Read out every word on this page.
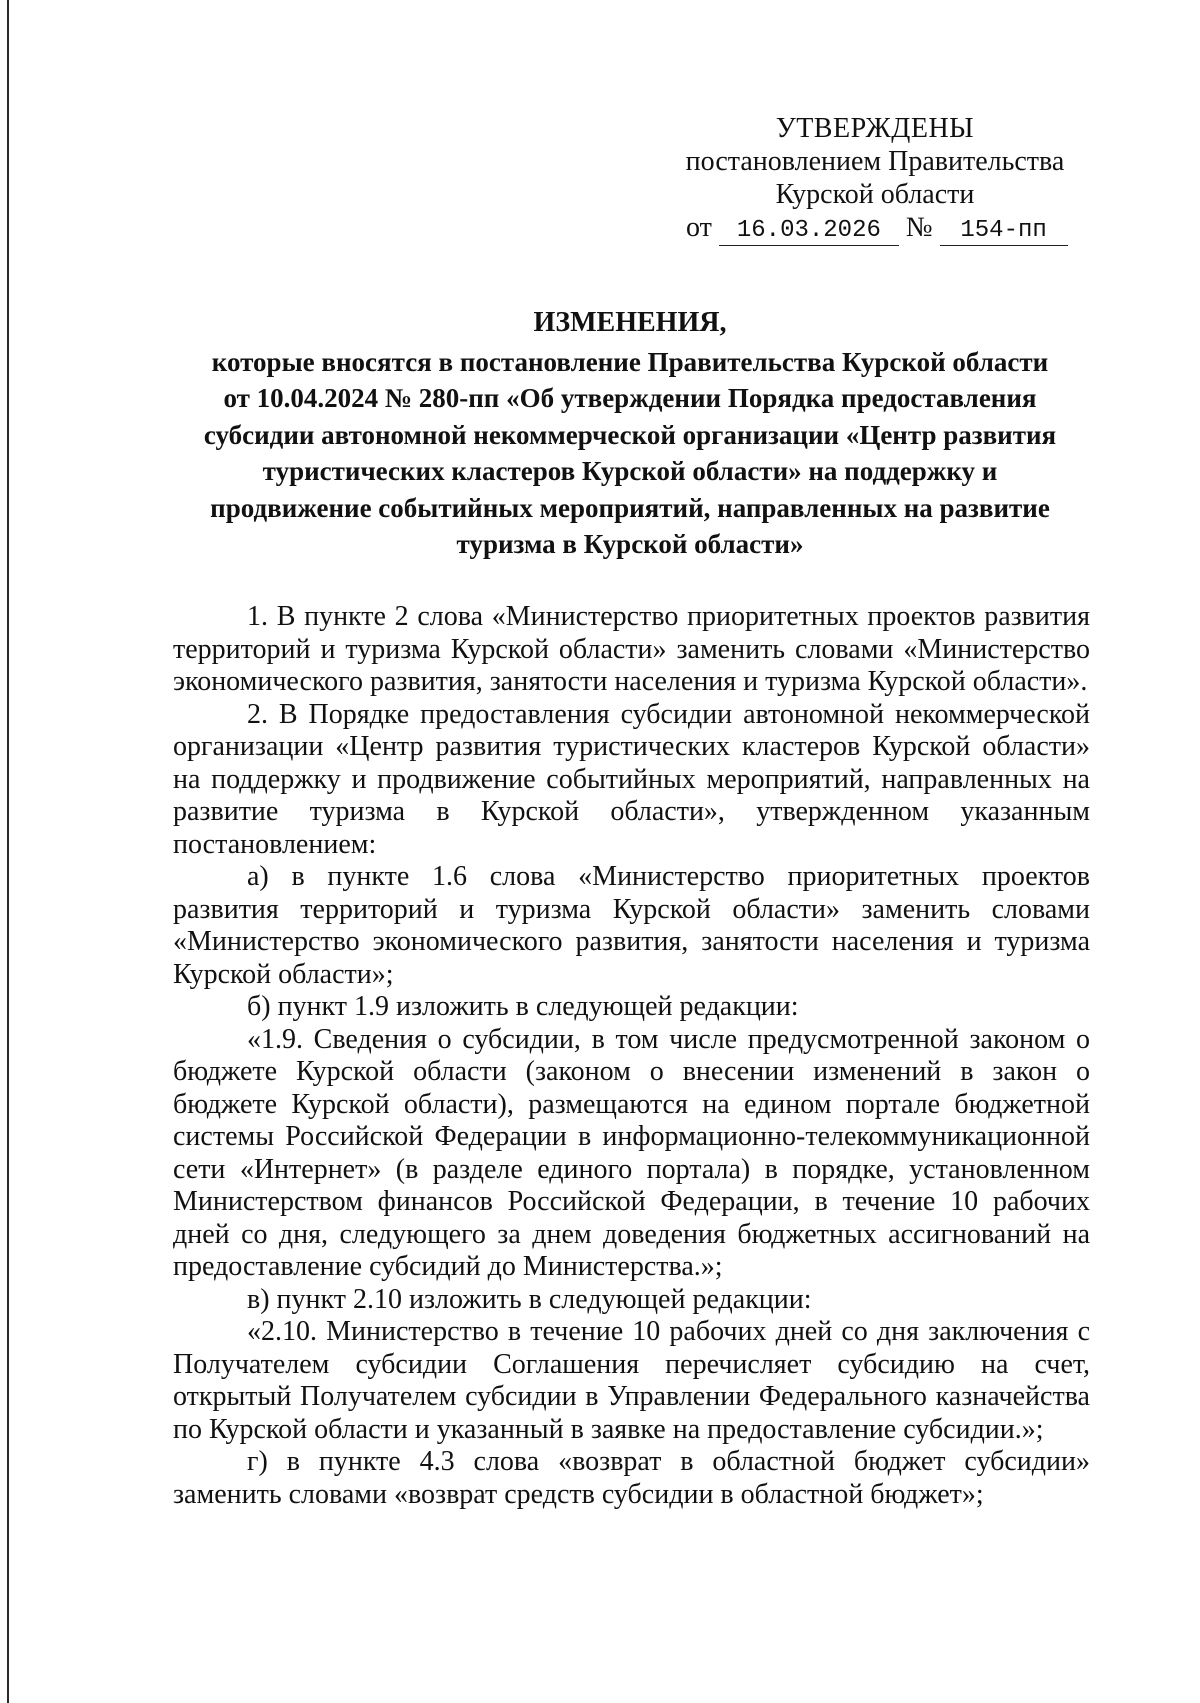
УТВЕРЖДЕНЫ
постановлением Правительства
Курской области
от 16.03.2026 № 154-пп
ИЗМЕНЕНИЯ,
которые вносятся в постановление Правительства Курской области
от 10.04.2024 № 280-пп «Об утверждении Порядка предоставления
субсидии автономной некоммерческой организации «Центр развития
туристических кластеров Курской области» на поддержку и
продвижение событийных мероприятий, направленных на развитие
туризма в Курской области»

1. В пункте 2 слова «Министерство приоритетных проектов развития территорий и туризма Курской области» заменить словами «Министерство экономического развития, занятости населения и туризма Курской области».

2. В Порядке предоставления субсидии автономной некоммерческой организации «Центр развития туристических кластеров Курской области» на поддержку и продвижение событийных мероприятий, направленных на развитие туризма в Курской области», утвержденном указанным постановлением:

а) в пункте 1.6 слова «Министерство приоритетных проектов развития территорий и туризма Курской области» заменить словами «Министерство экономического развития, занятости населения и туризма Курской области»;

б) пункт 1.9 изложить в следующей редакции:

«1.9. Сведения о субсидии, в том числе предусмотренной законом о бюджете Курской области (законом о внесении изменений в закон о бюджете Курской области), размещаются на едином портале бюджетной системы Российской Федерации в информационно-телекоммуникационной сети «Интернет» (в разделе единого портала) в порядке, установленном Министерством финансов Российской Федерации, в течение 10 рабочих дней со дня, следующего за днем доведения бюджетных ассигнований на предоставление субсидий до Министерства.»;

в) пункт 2.10 изложить в следующей редакции:

«2.10. Министерство в течение 10 рабочих дней со дня заключения с Получателем субсидии Соглашения перечисляет субсидию на счет, открытый Получателем субсидии в Управлении Федерального казначейства по Курской области и указанный в заявке на предоставление субсидии.»;

г) в пункте 4.3 слова «возврат в областной бюджет субсидии» заменить словами «возврат средств субсидии в областной бюджет»;
